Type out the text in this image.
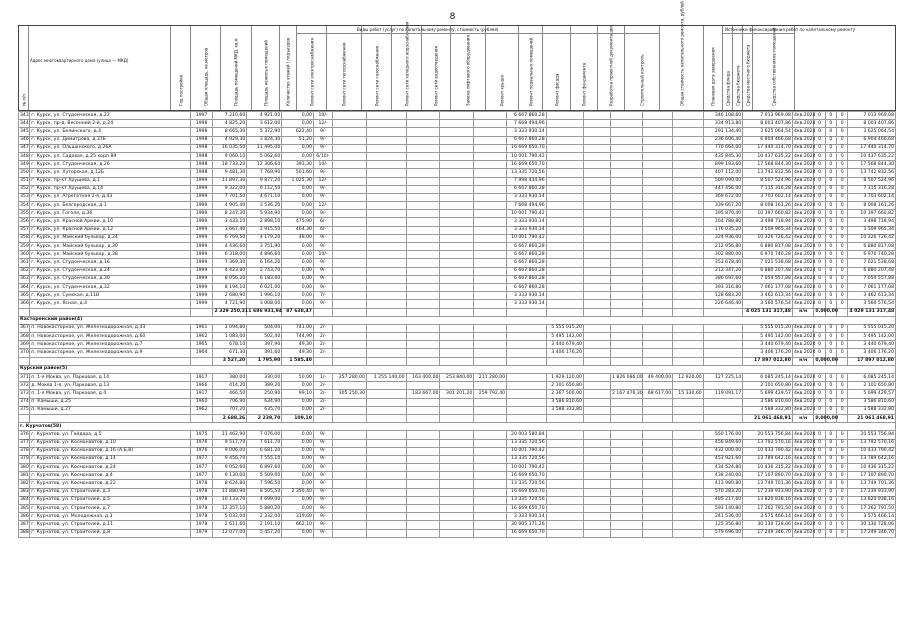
8
№ п/п
Адрес многоквартирного дома (улица — МКД)
Год постройки	Общая площадь, кв.метров	Площадь помещений МКД, кв.м	Площадь нежилых помещений	Количество этажей / подъездов	Ремонт сети электроснабжения	Ремонт сети теплоснабжения	Ремонт сети газоснабжения	Ремонт сети холодного водоснабжения	Ремонт сети водоотведения	Замена лифтового оборудования	Ремонт крыши	Ремонт подвальных помещений	Ремонт фасада	Ремонт фундамента	Разработка проектной документации	Строительный контроль	Общая стоимость капитального ремонта, рублей	Плановая дата завершения Средства фонда Средства бюджета Средства местного бюджета	Средства собственников помещений
Виды работ (услуг) по капитальному ремонту, стоимость (рублей)	Источники финансирования работ по капитальному ремонту
343	г. Курск, ул. Студенческая, д.22	1997	7 210,60	4 921,00	0,00	10/-						6 667 860,28						346 108,60	7 013 969,08	4кв.2024	0	0	0	7 013 969,08
344	г. Курск, пр-д. Весенний 2-й, д.24	1998	4 825,20	3 612,00	0,00	12/-						7 668 494,96						334 913,80	8 003 407,86	4кв.2024	0	0	0	8 003 407,86
345	г. Курск, ул. Белинского, д.4	1998	8 665,30	5 372,90	622,40	9/-						3 333 930,14						291 134,40	3 625 064,54	4кв.2024	0	0	0	3 625 064,54
346	г. Курск, ул. Димитрова, д.37Б	1998	4 929,30	3 824,30	51,20	9/-						6 667 860,28						236 606,40	6 904 466,68	4кв.2024	0	0	0	6 904 466,68
347	г. Курск, ул. Ольшанского, д.26А	1998	16 035,50	11 495,00	0,00	9/-						16 669 650,70						770 664,00	17 440 314,70	4кв.2024	0	0	0	17 440 314,70
348	г. Курск, ул. Садовая, д.25 корп.89	1998	9 060,10	5 062,60	0,00	6/10/-						10 001 790,42						435 845,30	10 437 635,22	4кв.2024	0	0	0	10 437 635,22
349	г. Курск, ул. Студенческая, д.26	1998	18 733,20	12 306,60	393,30	10/-						16 669 650,70						899 193,60	17 568 844,30	4кв.2024	0	0	0	17 568 844,30
350	г. Курск, ул. Хуторская, д.12Б	1998	9 481,30	7 769,90	501,60	9/-						13 335 720,56						407 112,00	13 742 832,56	4кв.2024	0	0	0	13 742 832,56
351	г. Курск, пр-кт Хрущева, д.1	1999	11 897,30	9 877,20	1 025,30	12/-						7 998 434,96						509 090,00	8 507 524,96	4кв.2024	0	0	0	8 507 524,96
352	г. Курск, пр-кт Хрущева, д.14	1999	9 322,00	6 112,50	0,00	9/-						6 667 860,28						447 456,00	7 115 316,28	4кв.2024	0	0	0	7 115 316,28
353	г. Курск, ул. Агрегатная 2-я, д.43	1999	7 701,50	4 671,10	0,00	9/-						3 333 930,14						369 672,00	3 703 602,14	4кв.2024	0	0	0	3 703 602,14
354	г. Курск, ул. Белгородская, д.1	1999	4 905,40	3 536,20	0,00	12/-						7 668 494,96						339 667,20	8 008 161,26	4кв.2024	0	0	0	8 008 161,26
355	г. Курск, ул. Гоголя, д.36	1999	8 247,30	5 934,90	0,00	9/-						10 001 790,42						395 870,40	10 397 660,82	4кв.2024	0	0	0	10 397 660,82
356	г. Курск, ул. Красной Армии, д.10	1999	3 433,10	2 898,10	475,90	6/-						3 333 930,14						164 788,80	3 498 718,94	4кв.2024	0	0	0	3 498 718,94
357	г. Курск, ул. Красной Армии, д.12	1999	3 667,40	2 915,50	464,30	6/-						3 333 930,14						176 035,20	3 509 965,34	4кв.2024	0	0	0	3 509 965,34
358	г. Курск, ул. Майский бульвар, д.24	1999	6 769,50	4 179,20	48,00	9/-						10 001 790,42						324 936,00	10 326 726,42	4кв.2024	0	0	0	10 326 726,42
359	г. Курск, ул. Майский бульвар, д.30	1999	4 436,60	3 751,90	0,00	9/-						6 667 860,28						212 956,80	6 880 817,08	4кв.2024	0	0	0	6 880 817,08
360	г. Курск, ул. Майский бульвар, д.38	1999	6 318,00	4 896,60	0,00	10/-						6 667 860,28						302 880,00	6 970 740,28	4кв.2024	0	0	0	6 970 740,28
361	г. Курск, ул. Студенческая, д.16	1999	7 369,30	6 164,20	0,00	9/-						6 667 860,28						353 678,40	7 021 538,68	4кв.2024	0	0	0	7 021 538,68
362	г. Курск, ул. Студенческая, д.24	1999	4 423,80	2 743,70	0,00	9/-						6 667 860,28						212 347,20	6 880 207,48	4кв.2024	0	0	0	6 880 207,48
363	г. Курск, ул. Студенческая, д.30	1999	8 056,20	6 183,60	0,00	9/-						6 667 860,28						386 697,60	7 054 557,88	4кв.2024	0	0	0	7 054 557,88
364	г. Курск, ул. Студенческая, д.32	1999	8 194,10	6 021,00	0,00	9/-						6 667 860,28						393 316,80	7 061 177,08	4кв.2024	0	0	0	7 061 177,08
365	г. Курск, ул. Сумская, д.11В	1999	2 680,90	1 996,10	0,00	7/-						3 333 930,14						128 683,20	3 462 613,34	4кв.2024	0	0	0	3 462 613,34
366	г. Курск, ул. Ясная, д.4	1999	4 721,90	3 008,00	0,00	9/-						3 333 930,14						226 646,40	3 560 576,54	4кв.2024	0	0	0	3 560 576,54
			2 329 250,31	1 686 931,94	87 638,47														4 025 131 317,48	н/н	0,00	0,00		4 029 131 317,48
Касторенский район(4)																								
367	п. Новокасторное, ул. Железнодорожная, д.43	1961	1 094,80	504,00	741,00	2/-							5 555 015,20						5 555 015,20	4кв.2024	0	0	0	5 555 015,20
368	п. Новокасторное, ул. Железнодорожная, д.60	1962	1 083,00	502,40	744,90	2/-							5 495 142,00						5 495 142,00	4кв.2024	0	0	0	5 495 142,00
369	п. Новокасторное, ул. Железнодорожная, д.7	1965	678,10	397,90	49,30	2/-							3 440 679,40						3 440 679,40	4кв.2024	0	0	0	3 440 679,40
370	п. Новокасторное, ул. Железнодорожная, д.9	1964	671,30	391,60	49,30	2/-							3 406 176,20						3 406 176,20	4кв.2024	0	0	0	3 406 176,20
			3 527,20	1 795,90	1 585,40														17 897 012,80	н/н	0,00	0,00		17 897 012,80
Курский район(5)																								
371	п. 1-я Моква, ул. Парковая, д.14	1917	380,00	330,00	50,00	1/-	257 280,00	1 255 140,00	163 400,00	253 840,00	211 280,00		1 929 120,00		1 826 086,00	49 400,00	12 920,00	127 225,14	6 085 245,14	4кв.2024	0	0	0	6 085 245,14
372	д. Моква 1-я, ул. Парковая, д.13	1966	414,20	389,20	0,00	2/-							2 101 650,80						2 101 650,80	4кв.2024	0	0	0	2 101 650,80
373	п. 1-я Моква, ул. Парковая, д.4	1917	466,50	250,90	99,10	2/-	305 250,30		183 667,00	301 201,20	259 792,40		2 367 500,00		2 167 476,30	68 617,00	15 330,60	119 091,17	5 699 429,57	4кв.2024	0	0	0	5 699 429,57
374	п. Камыши, д.25	1960	706,90	634,90	0,00	2/-							3 586 810,60						3 586 810,60	4кв.2024	0	0	0	3 586 810,60
375	п. Камыши, д.27	1962	707,20	635,70	0,00	2/-							3 588 332,80						3 588 332,80	4кв.2024	0	0	0	3 588 332,80
			2 688,26	2 239,70	109,10														21 061 468,91	н/н	0,00	0,00		21 061 468,91
г. Курчатов(58)																								
376	г. Курчатов, ул. Гайдара, д.5	1975	11 462,90	7 076,00	0,00	9/-						20 003 580,84						550 176,00	20 553 756,84	4кв.2024	0	0	0	20 553 756,84
377	г. Курчатов, ул. Космонавтов, д.10	1976	9 517,70	7 611,70	0,00	9/-						13 335 720,56						456 849,60	13 792 570,16	4кв.2024	0	0	0	13 792 570,16
378	г. Курчатов, ул. Космонавтов, д.16 (А,Б,В)	1976	9 006,00	6 681,20	0,00	9/-						10 001 790,42						432 000,00	10 433 790,42	4кв.2024	0	0	0	10 433 790,42
379	г. Курчатов, ул. Космонавтов, д.14	1977	9 456,70	7 555,10	0,00	9/-						13 335 720,56						453 921,60	13 789 642,16	4кв.2024	0	0	0	13 789 642,16
380	г. Курчатов, ул. Космонавтов, д.24	1977	9 052,60	6 897,60	0,00	9/-						10 001 790,42						434 524,80	10 436 315,22	4кв.2024	0	0	0	10 436 315,22
381	г. Курчатов, ул. Космонавтов, д.4	1977	9 130,00	5 509,00	0,00	9/-						16 669 650,70						438 240,00	17 107 890,70	4кв.2024	0	0	0	17 107 890,70
382	г. Курчатов, ул. Космонавтов, д.22	1978	8 624,80	7 596,50	0,00	9/-						13 335 720,56						413 980,80	13 749 701,36	4кв.2024	0	0	0	13 749 701,36
383	г. Курчатов, ул. Строителей, д.3	1978	11 880,90	8 505,50	2 350,40	9/-						16 669 650,70						570 283,20	17 239 933,90	4кв.2024	0	0	0	17 239 933,90
384	г. Курчатов, ул. Строителей, д.5	1978	10 133,70	4 699,00	0,00	9/-						13 335 720,56						485 217,60	13 820 938,16	4кв.2024	0	0	0	13 820 938,16
385	г. Курчатов, ул. Строителей, д.7	1978	12 357,10	5 880,20	0,00	9/-						16 669 650,70						593 140,80	17 262 791,50	4кв.2024	0	0	0	17 262 791,50
386	г. Курчатов, ул. Молодежная, д.3	1978	5 032,00	2 332,00	319,60	9/-						3 333 930,14						241 536,00	3 575 466,14	4кв.2024	0	0	0	3 575 466,14
387	г. Курчатов, ул. Строителей, д.11	1978	2 611,60	2 191,10	662,10	9/-						30 005 371,26						125 356,80	30 130 728,06	4кв.2024	0	0	0	30 130 728,06
388	г. Курчатов, ул. Строителей, д.8	1979	12 077,00	5 457,20	0,00	9/-						16 669 650,70						579 696,00	17 249 346,70	4кв.2024	0	0	0	17 249 346,70
